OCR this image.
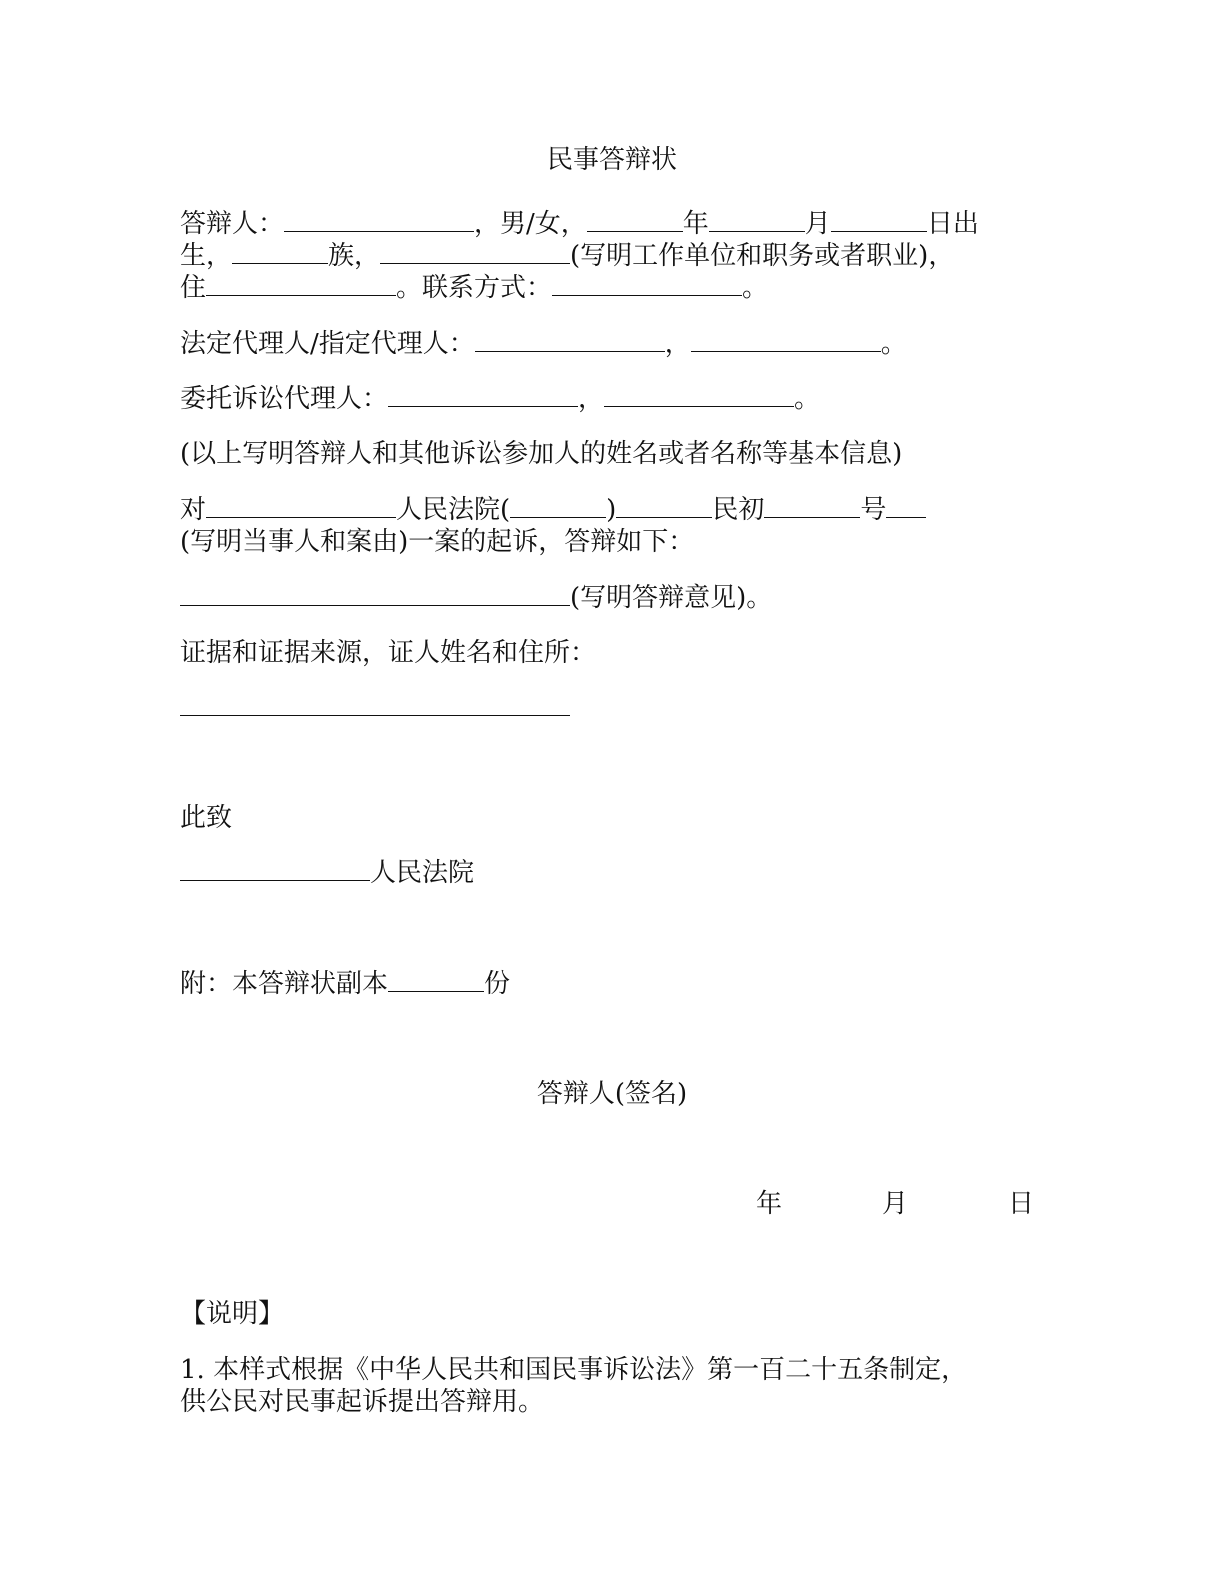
民事答辩状
答辩人：	，男/女，	年	月	日出
生，	族，	(写明工作单位和职务或者职业)，
住	。联系方式：	。
法定代理人/指定代理人：	，	。
委托诉讼代理人：	，	。
(以上写明答辩人和其他诉讼参加人的姓名或者名称等基本信息)
对	人民法院(	)	民初	号
(写明当事人和案由)一案的起诉，答辩如下：
(写明答辩意见)。
证据和证据来源，证人姓名和住所：
此致
人民法院
附：本答辩状副本	份
答辩人(签名)
年	月	日
【说明】
1. 本样式根据《中华人民共和国民事诉讼法》第一百二十五条制定，
供公民对民事起诉提出答辩用。
